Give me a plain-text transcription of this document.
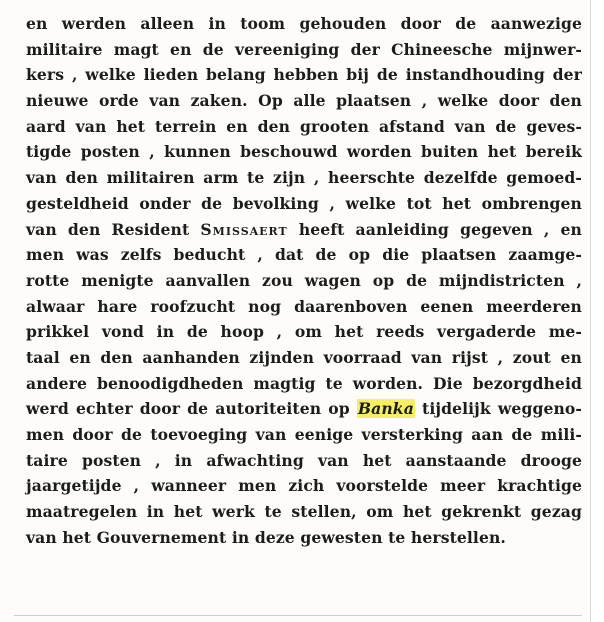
en werden alleen in toom gehouden door de aanwezige
militaire magt en de vereeniging der Chineesche mijnwer-
kers , welke lieden belang hebben bij de instandhouding der
nieuwe orde van zaken. Op alle plaatsen , welke door den
aard van het terrein en den grooten afstand van de geves-
tigde posten , kunnen beschouwd worden buiten het bereik
van den militairen arm te zijn , heerschte dezelfde gemoed-
gesteldheid onder de bevolking , welke tot het ombrengen
van den Resident Smissaert heeft aanleiding gegeven , en
men was zelfs beducht , dat de op die plaatsen zaamge-
rotte menigte aanvallen zou wagen op de mijndistricten ,
alwaar hare roofzucht nog daarenboven eenen meerderen
prikkel vond in de hoop , om het reeds vergaderde me-
taal en den aanhanden zijnden voorraad van rijst , zout en
andere benoodigdheden magtig te worden. Die bezorgdheid
werd echter door de autoriteiten op Banka tijdelijk weggeno-
men door de toevoeging van eenige versterking aan de mili-
taire posten , in afwachting van het aanstaande drooge
jaargetijde , wanneer men zich voorstelde meer krachtige
maatregelen in het werk te stellen, om het gekrenkt gezag
van het Gouvernement in deze gewesten te herstellen.
